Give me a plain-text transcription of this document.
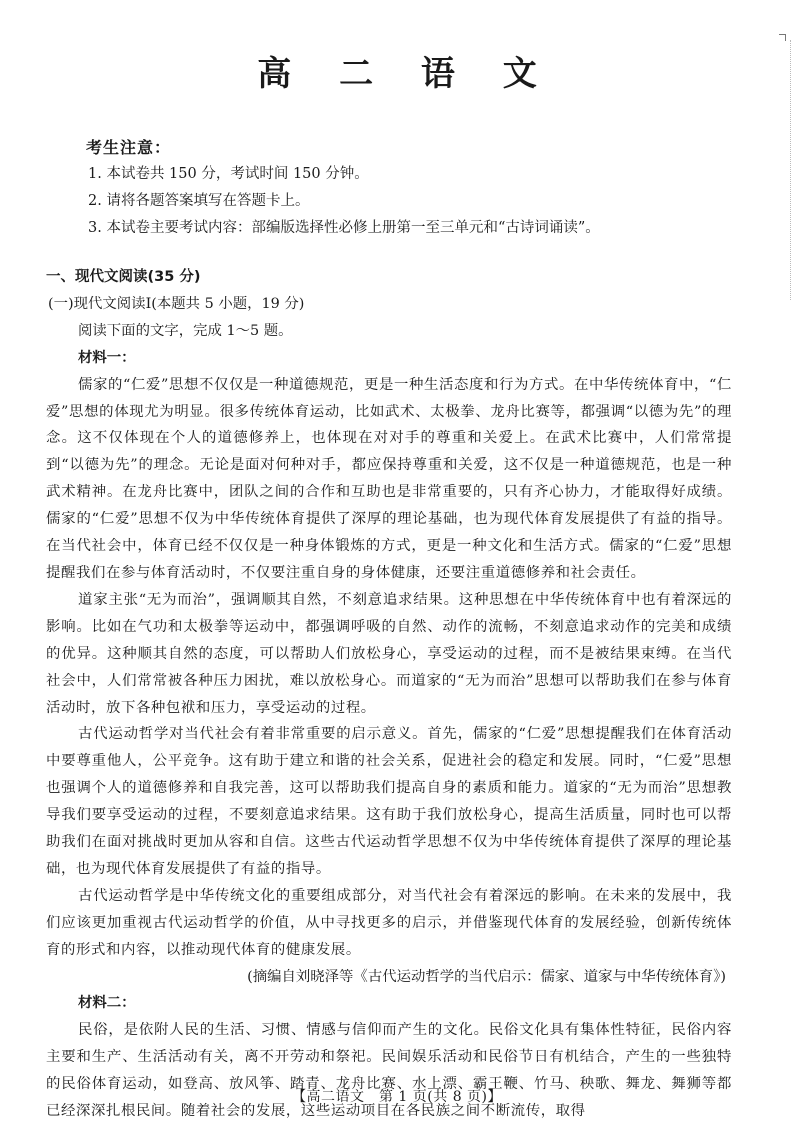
高 二 语 文
考生注意：
1. 本试卷共 150 分，考试时间 150 分钟。
2. 请将各题答案填写在答题卡上。
3. 本试卷主要考试内容：部编版选择性必修上册第一至三单元和“古诗词诵读”。
一、现代文阅读(35 分)
(一)现代文阅读Ⅰ(本题共 5 小题，19 分)
阅读下面的文字，完成 1～5 题。
材料一：
儒家的“仁爱”思想不仅仅是一种道德规范，更是一种生活态度和行为方式。在中华传统体育中，“仁爱”思想的体现尤为明显。很多传统体育运动，比如武术、太极拳、龙舟比赛等，都强调“以德为先”的理念。这不仅体现在个人的道德修养上，也体现在对对手的尊重和关爱上。在武术比赛中，人们常常提到“以德为先”的理念。无论是面对何种对手，都应保持尊重和关爱，这不仅是一种道德规范，也是一种武术精神。在龙舟比赛中，团队之间的合作和互助也是非常重要的，只有齐心协力，才能取得好成绩。儒家的“仁爱”思想不仅为中华传统体育提供了深厚的理论基础，也为现代体育发展提供了有益的指导。在当代社会中，体育已经不仅仅是一种身体锻炼的方式，更是一种文化和生活方式。儒家的“仁爱”思想提醒我们在参与体育活动时，不仅要注重自身的身体健康，还要注重道德修养和社会责任。
道家主张“无为而治”，强调顺其自然，不刻意追求结果。这种思想在中华传统体育中也有着深远的影响。比如在气功和太极拳等运动中，都强调呼吸的自然、动作的流畅，不刻意追求动作的完美和成绩的优异。这种顺其自然的态度，可以帮助人们放松身心，享受运动的过程，而不是被结果束缚。在当代社会中，人们常常被各种压力困扰，难以放松身心。而道家的“无为而治”思想可以帮助我们在参与体育活动时，放下各种包袱和压力，享受运动的过程。
古代运动哲学对当代社会有着非常重要的启示意义。首先，儒家的“仁爱”思想提醒我们在体育活动中要尊重他人，公平竞争。这有助于建立和谐的社会关系，促进社会的稳定和发展。同时，“仁爱”思想也强调个人的道德修养和自我完善，这可以帮助我们提高自身的素质和能力。道家的“无为而治”思想教导我们要享受运动的过程，不要刻意追求结果。这有助于我们放松身心，提高生活质量，同时也可以帮助我们在面对挑战时更加从容和自信。这些古代运动哲学思想不仅为中华传统体育提供了深厚的理论基础，也为现代体育发展提供了有益的指导。
古代运动哲学是中华传统文化的重要组成部分，对当代社会有着深远的影响。在未来的发展中，我们应该更加重视古代运动哲学的价值，从中寻找更多的启示，并借鉴现代体育的发展经验，创新传统体育的形式和内容，以推动现代体育的健康发展。
(摘编自刘晓泽等《古代运动哲学的当代启示：儒家、道家与中华传统体育》)
材料二：
民俗，是依附人民的生活、习惯、情感与信仰而产生的文化。民俗文化具有集体性特征，民俗内容主要和生产、生活活动有关，离不开劳动和祭祀。民间娱乐活动和民俗节日有机结合，产生的一些独特的民俗体育运动，如登高、放风筝、踏青、龙舟比赛、水上漂、霸王鞭、竹马、秧歌、舞龙、舞狮等都已经深深扎根民间。随着社会的发展，这些运动项目在各民族之间不断流传，取得
【高二语文　第 1 页(共 8 页)】
